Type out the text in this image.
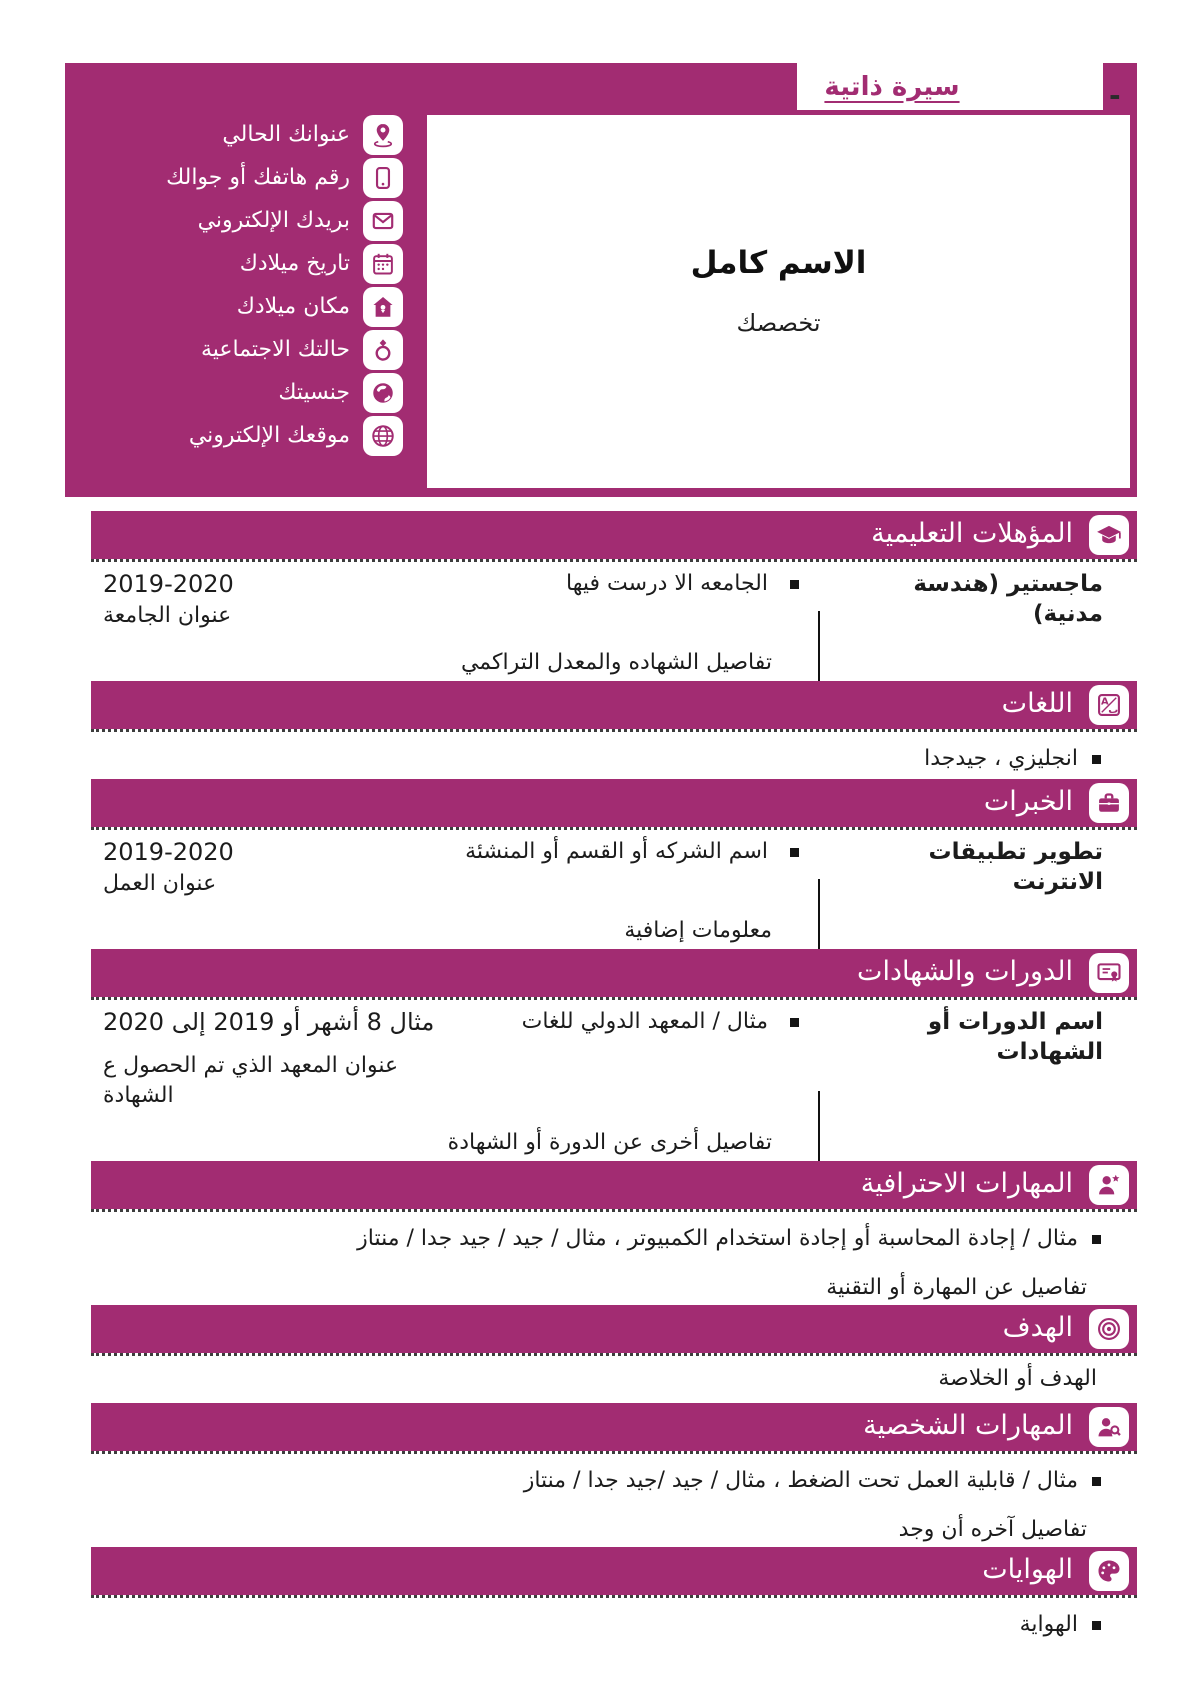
سيرة ذاتية	-
الاسم كامل
تخصصك
عنوانك الحالي
رقم هاتفك أو جوالك
بريدك الإلكتروني
تاريخ ميلادك
مكان ميلادك
حالتك الاجتماعية
جنسيتك
موقعك الإلكتروني
المؤهلات التعليمية
ماجستير (هندسة مدنية)
الجامعه الا درست فيها
2019-2020
عنوان الجامعة
تفاصيل الشهاده والمعدل التراكمي
A
ب
اللغات
انجليزي ، جيدجدا
الخبرات
تطوير تطبيقات الانترنت
اسم الشركه أو القسم أو المنشئة
2019-2020
عنوان العمل
معلومات إضافية
الدورات والشهادات
اسم الدورات أو الشهادات
مثال / المعهد الدولي للغات
مثال 8 أشهر أو 2019 إلى 2020
عنوان المعهد الذي تم الحصول ع الشهادة
تفاصيل أخرى عن الدورة أو الشهادة
المهارات الاحترافية
مثال / إجادة المحاسبة أو إجادة استخدام الكمبيوتر ، مثال / جيد / جيد جدا / منتاز
تفاصيل عن المهارة أو التقنية
الهدف
الهدف أو الخلاصة
المهارات الشخصية
مثال / قابلية العمل تحت الضغط ، مثال / جيد /جيد جدا / منتاز
تفاصيل آخره أن وجد
الهوايات
الهواية
